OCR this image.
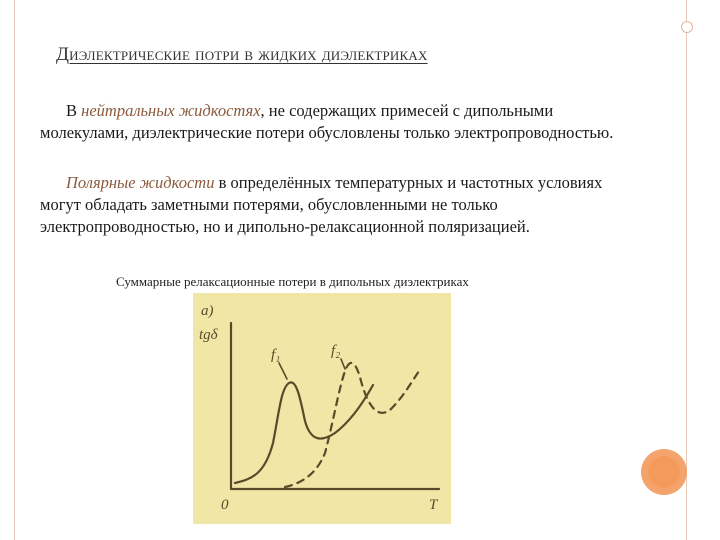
Диэлектрические потри в жидких диэлектриках

В нейтральных жидкостях, не содержащих примесей с дипольными молекулами, диэлектрические потери обусловлены только электропроводностью.

Полярные жидкости в определённых температурных и частотных условиях могут обладать заметными потерями, обусловленными не только электропроводностью, но и дипольно-релаксационной поляризацией.

Суммарные релаксационные потери в дипольных диэлектриках
a)
tgδ
0	T
f₁	f₂
